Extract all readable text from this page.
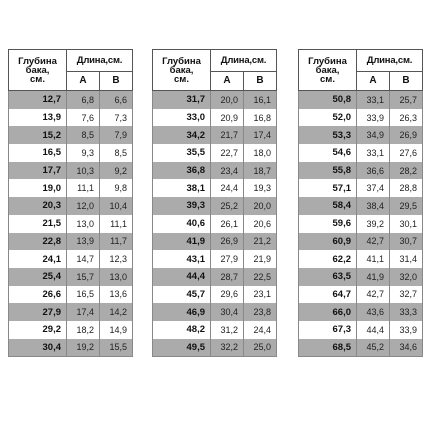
Глубина
бака,
см.	Длина,см.	
	A	B
12,7	6,8	6,6
13,9	7,6	7,3
15,2	8,5	7,9
16,5	9,3	8,5
17,7	10,3	9,2
19,0	11,1	9,8
20,3	12,0	10,4
21,5	13,0	11,1
22,8	13,9	11,7
24,1	14,7	12,3
25,4	15,7	13,0
26,6	16,5	13,6
27,9	17,4	14,2
29,2	18,2	14,9
30,4	19,2	15,5
Глубина
бака,
см.	Длина,см.	
	A	B
31,7	20,0	16,1
33,0	20,9	16,8
34,2	21,7	17,4
35,5	22,7	18,0
36,8	23,4	18,7
38,1	24,4	19,3
39,3	25,2	20,0
40,6	26,1	20,6
41,9	26,9	21,2
43,1	27,9	21,9
44,4	28,7	22,5
45,7	29,6	23,1
46,9	30,4	23,8
48,2	31,2	24,4
49,5	32,2	25,0
Глубина
бака,
см.	Длина,см.	
	A	B
50,8	33,1	25,7
52,0	33,9	26,3
53,3	34,9	26,9
54,6	33,1	27,6
55,8	36,6	28,2
57,1	37,4	28,8
58,4	38,4	29,5
59,6	39,2	30,1
60,9	42,7	30,7
62,2	41,1	31,4
63,5	41,9	32,0
64,7	42,7	32,7
66,0	43,6	33,3
67,3	44,4	33,9
68,5	45,2	34,6
